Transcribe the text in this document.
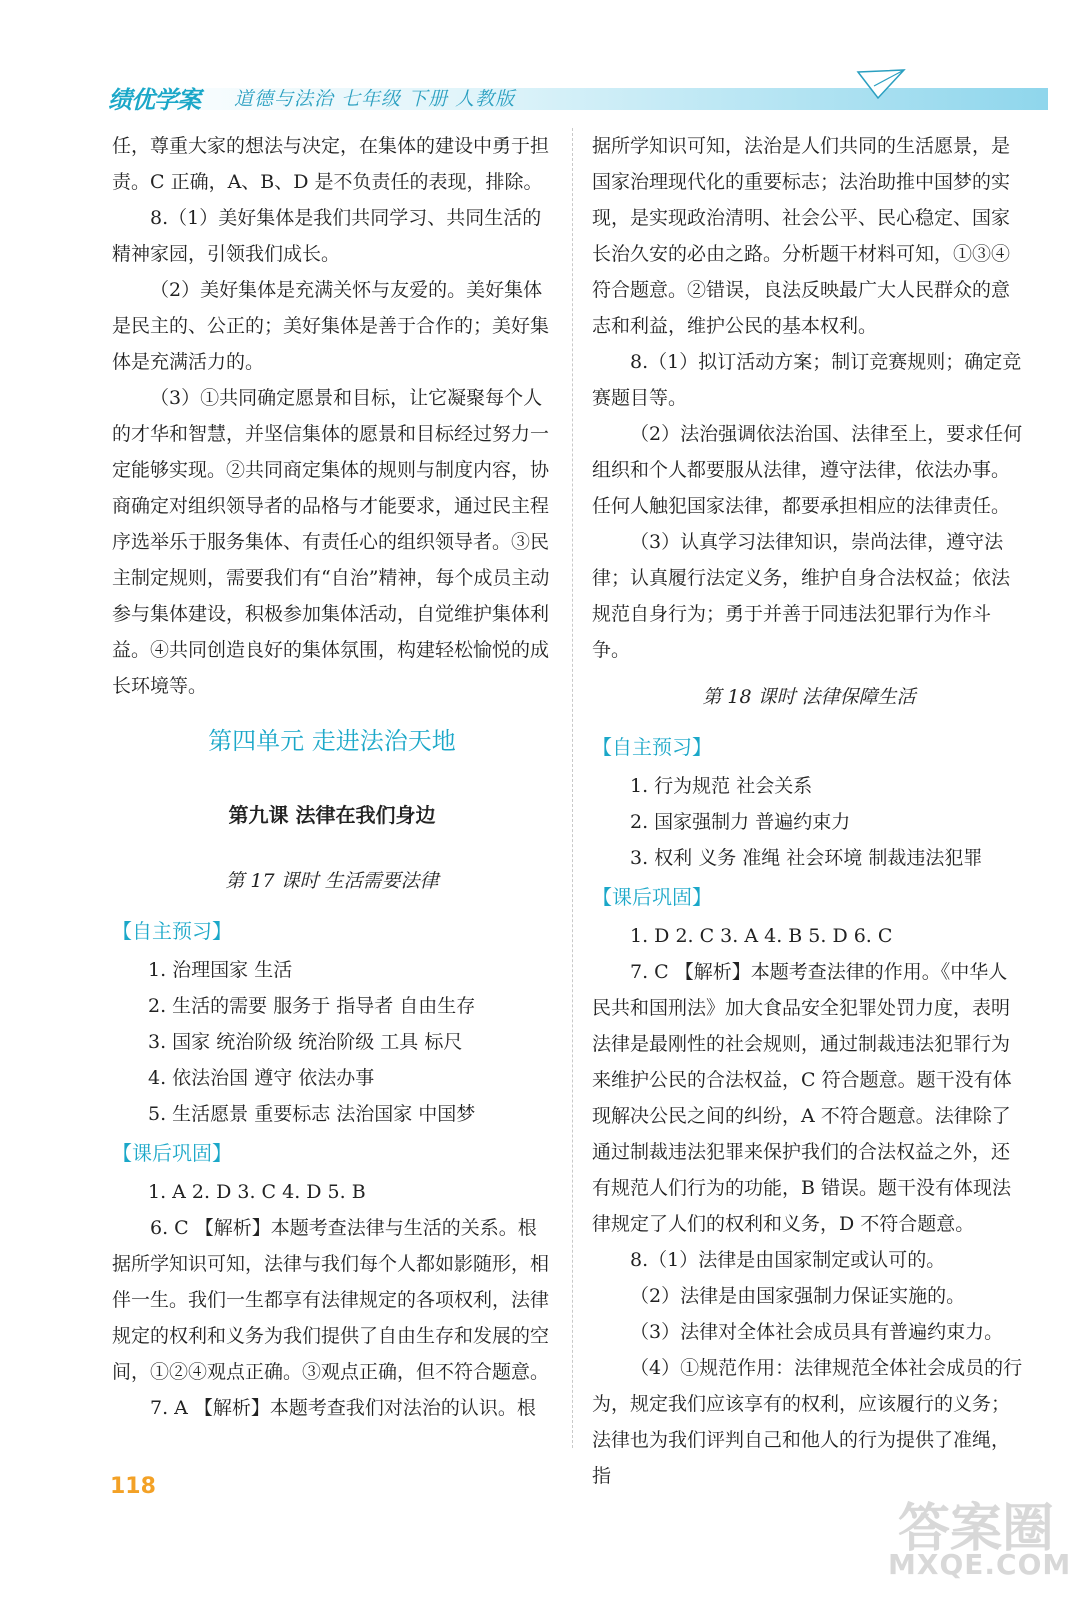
绩优学案 道德与法治 七年级 下册 人教版

任，尊重大家的想法与决定，在集体的建设中勇于担责。C 正确，A、B、D 是不负责任的表现，排除。

8.（1）美好集体是我们共同学习、共同生活的精神家园，引领我们成长。

（2）美好集体是充满关怀与友爱的。美好集体是民主的、公正的；美好集体是善于合作的；美好集体是充满活力的。

（3）①共同确定愿景和目标，让它凝聚每个人的才华和智慧，并坚信集体的愿景和目标经过努力一定能够实现。②共同商定集体的规则与制度内容，协商确定对组织领导者的品格与才能要求，通过民主程序选举乐于服务集体、有责任心的组织领导者。③民主制定规则，需要我们有“自治”精神，每个成员主动参与集体建设，积极参加集体活动，自觉维护集体利益。④共同创造良好的集体氛围，构建轻松愉悦的成长环境等。

第四单元 走进法治天地

第九课 法律在我们身边

第 17 课时 生活需要法律

【自主预习】

1. 治理国家 生活

2. 生活的需要 服务于 指导者 自由生存

3. 国家 统治阶级 统治阶级 工具 标尺

4. 依法治国 遵守 依法办事

5. 生活愿景 重要标志 法治国家 中国梦

【课后巩固】

1. A 2. D 3. C 4. D 5. B

6. C 【解析】本题考查法律与生活的关系。根据所学知识可知，法律与我们每个人都如影随形，相伴一生。我们一生都享有法律规定的各项权利，法律规定的权利和义务为我们提供了自由生存和发展的空间，①②④观点正确。③观点正确，但不符合题意。

7. A 【解析】本题考查我们对法治的认识。根

据所学知识可知，法治是人们共同的生活愿景，是国家治理现代化的重要标志；法治助推中国梦的实现，是实现政治清明、社会公平、民心稳定、国家长治久安的必由之路。分析题干材料可知，①③④符合题意。②错误，良法反映最广大人民群众的意志和利益，维护公民的基本权利。

8.（1）拟订活动方案；制订竞赛规则；确定竞赛题目等。

（2）法治强调依法治国、法律至上，要求任何组织和个人都要服从法律，遵守法律，依法办事。任何人触犯国家法律，都要承担相应的法律责任。

（3）认真学习法律知识，崇尚法律，遵守法律；认真履行法定义务，维护自身合法权益；依法规范自身行为；勇于并善于同违法犯罪行为作斗争。

第 18 课时 法律保障生活

【自主预习】

1. 行为规范 社会关系

2. 国家强制力 普遍约束力

3. 权利 义务 准绳 社会环境 制裁违法犯罪

【课后巩固】

1. D 2. C 3. A 4. B 5. D 6. C

7. C 【解析】本题考查法律的作用。《中华人民共和国刑法》加大食品安全犯罪处罚力度，表明法律是最刚性的社会规则，通过制裁违法犯罪行为来维护公民的合法权益，C 符合题意。题干没有体现解决公民之间的纠纷，A 不符合题意。法律除了通过制裁违法犯罪来保护我们的合法权益之外，还有规范人们行为的功能，B 错误。题干没有体现法律规定了人们的权利和义务，D 不符合题意。

8.（1）法律是由国家制定或认可的。

（2）法律是由国家强制力保证实施的。

（3）法律对全体社会成员具有普遍约束力。

（4）①规范作用：法律规范全体社会成员的行为，规定我们应该享有的权利，应该履行的义务；法律也为我们评判自己和他人的行为提供了准绳，指

118
答案圈
MXQE.COM
